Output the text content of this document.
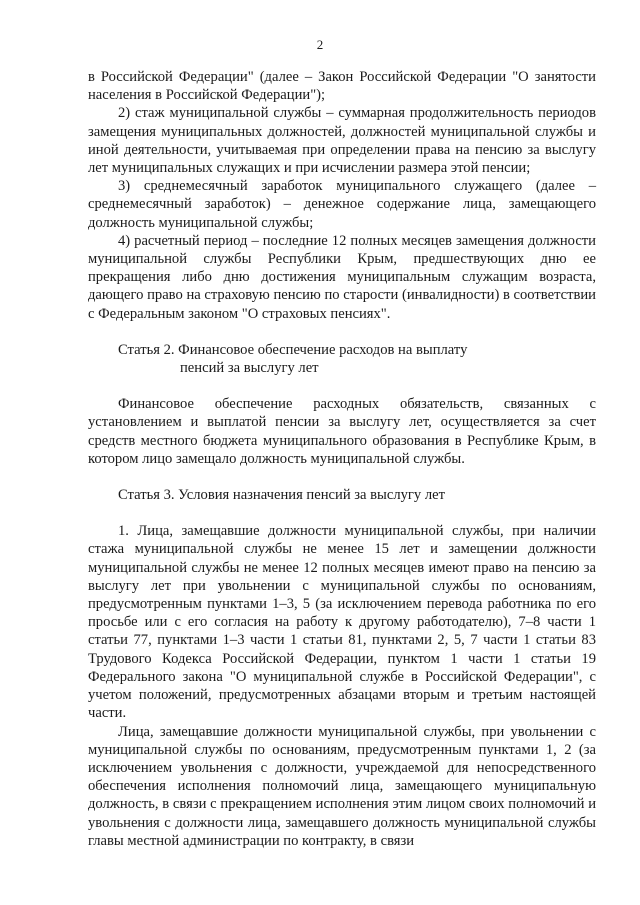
2

в Российской Федерации" (далее – Закон Российской Федерации "О занятости населения в Российской Федерации");

2) стаж муниципальной службы – суммарная продолжительность периодов замещения муниципальных должностей, должностей муниципальной службы и иной деятельности, учитываемая при определении права на пенсию за выслугу лет муниципальных служащих и при исчислении размера этой пенсии;

3) среднемесячный заработок муниципального служащего (далее – среднемесячный заработок) – денежное содержание лица, замещающего должность муниципальной службы;

4) расчетный период – последние 12 полных месяцев замещения должности муниципальной службы Республики Крым, предшествующих дню ее прекращения либо дню достижения муниципальным служащим возраста, дающего право на страховую пенсию по старости (инвалидности) в соответствии с Федеральным законом "О страховых пенсиях".

Статья 2. Финансовое обеспечение расходов на выплату
пенсий за выслугу лет

Финансовое обеспечение расходных обязательств, связанных с установлением и выплатой пенсии за выслугу лет, осуществляется за счет средств местного бюджета муниципального образования в Республике Крым, в котором лицо замещало должность муниципальной службы.

Статья 3. Условия назначения пенсий за выслугу лет

1. Лица, замещавшие должности муниципальной службы, при наличии стажа муниципальной службы не менее 15 лет и замещении должности муниципальной службы не менее 12 полных месяцев имеют право на пенсию за выслугу лет при увольнении с муниципальной службы по основаниям, предусмотренным пунктами 1–3, 5 (за исключением перевода работника по его просьбе или с его согласия на работу к другому работодателю), 7–8 части 1 статьи 77, пунктами 1–3 части 1 статьи 81, пунктами 2, 5, 7 части 1 статьи 83 Трудового Кодекса Российской Федерации, пунктом 1 части 1 статьи 19 Федерального закона "О муниципальной службе в Российской Федерации", с учетом положений, предусмотренных абзацами вторым и третьим настоящей части.

Лица, замещавшие должности муниципальной службы, при увольнении с муниципальной службы по основаниям, предусмотренным пунктами 1, 2 (за исключением увольнения с должности, учреждаемой для непосредственного обеспечения исполнения полномочий лица, замещающего муниципальную должность, в связи с прекращением исполнения этим лицом своих полномочий и увольнения с должности лица, замещавшего должность муниципальной службы главы местной администрации по контракту, в связи
